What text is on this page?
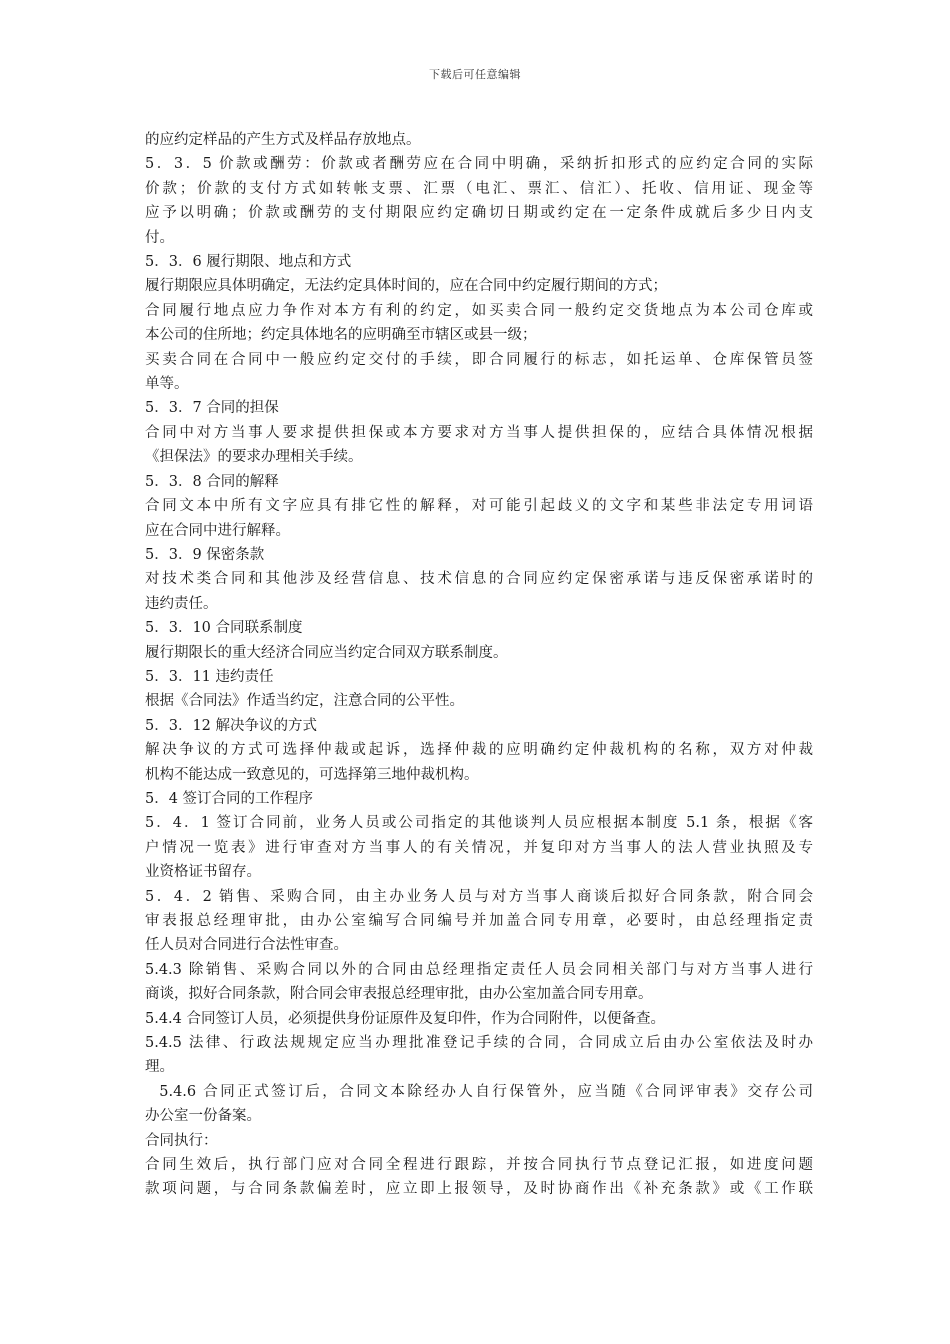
下载后可任意编辑
的应约定样品的产生方式及样品存放地点。
5．3．5 价款或酬劳：价款或者酬劳应在合同中明确，采纳折扣形式的应约定合同的实际
价款；价款的支付方式如转帐支票、汇票（电汇、票汇、信汇）、托收、信用证、现金等
应予以明确；价款或酬劳的支付期限应约定确切日期或约定在一定条件成就后多少日内支
付。
5．3．6 履行期限、地点和方式
履行期限应具体明确定，无法约定具体时间的，应在合同中约定履行期间的方式；
合同履行地点应力争作对本方有利的约定，如买卖合同一般约定交货地点为本公司仓库或
本公司的住所地；约定具体地名的应明确至市辖区或县一级；
买卖合同在合同中一般应约定交付的手续，即合同履行的标志，如托运单、仓库保管员签
单等。
5．3．7 合同的担保
合同中对方当事人要求提供担保或本方要求对方当事人提供担保的，应结合具体情况根据
《担保法》的要求办理相关手续。
5．3．8 合同的解释
合同文本中所有文字应具有排它性的解释，对可能引起歧义的文字和某些非法定专用词语
应在合同中进行解释。
5．3．9 保密条款
对技术类合同和其他涉及经营信息、技术信息的合同应约定保密承诺与违反保密承诺时的
违约责任。
5．3．10 合同联系制度
履行期限长的重大经济合同应当约定合同双方联系制度。
5．3．11 违约责任
根据《合同法》作适当约定，注意合同的公平性。
5．3．12 解决争议的方式
解决争议的方式可选择仲裁或起诉，选择仲裁的应明确约定仲裁机构的名称，双方对仲裁
机构不能达成一致意见的，可选择第三地仲裁机构。
5．4 签订合同的工作程序
5．4．1 签订合同前，业务人员或公司指定的其他谈判人员应根据本制度 5.1 条，根据《客
户情况一览表》进行审查对方当事人的有关情况，并复印对方当事人的法人营业执照及专
业资格证书留存。
5．4．2 销售、采购合同，由主办业务人员与对方当事人商谈后拟好合同条款，附合同会
审表报总经理审批，由办公室编写合同编号并加盖合同专用章，必要时，由总经理指定责
任人员对合同进行合法性审查。
5.4.3 除销售、采购合同以外的合同由总经理指定责任人员会同相关部门与对方当事人进行
商谈，拟好合同条款，附合同会审表报总经理审批，由办公室加盖合同专用章。
5.4.4 合同签订人员，必须提供身份证原件及复印件，作为合同附件，以便备查。
5.4.5 法律、行政法规规定应当办理批准登记手续的合同，合同成立后由办公室依法及时办
理。
5.4.6 合同正式签订后，合同文本除经办人自行保管外，应当随《合同评审表》交存公司
办公室一份备案。
合同执行：
合同生效后，执行部门应对合同全程进行跟踪，并按合同执行节点登记汇报，如进度问题
款项问题，与合同条款偏差时，应立即上报领导，及时协商作出《补充条款》或《工作联
